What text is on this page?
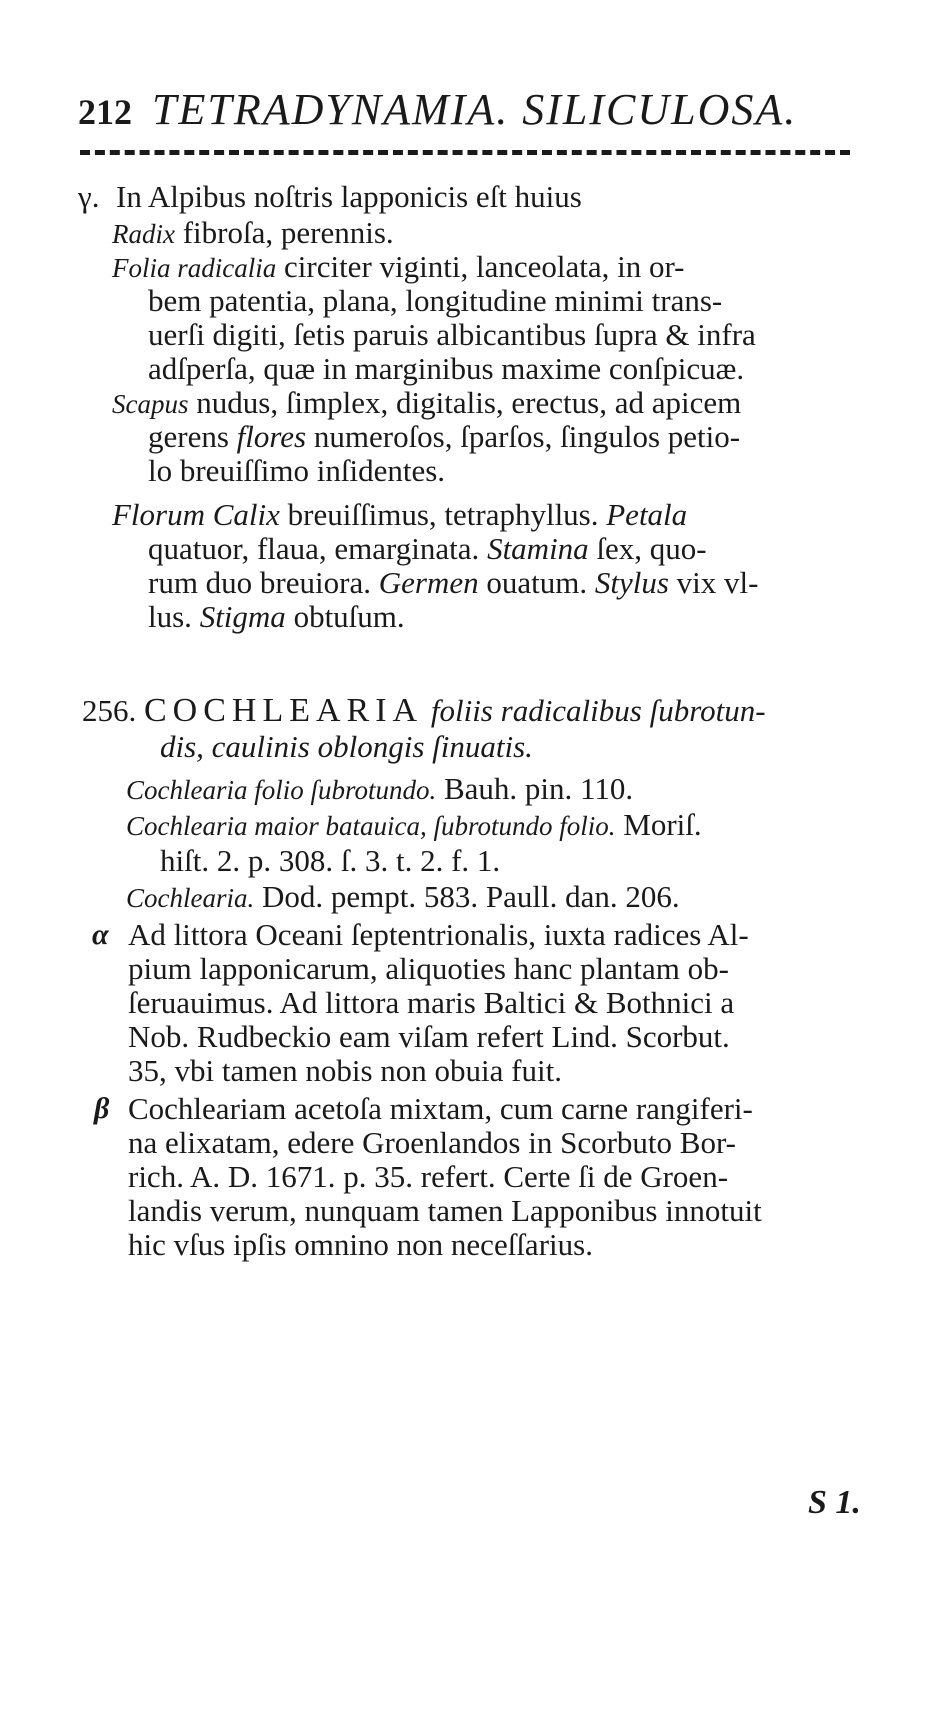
212 TETRADYNAMIA. SILICULOSA.
γ. In Alpibus noſtris lapponicis eſt huius
Radix fibroſa, perennis.
Folia radicalia circiter viginti, lanceolata, in or-
bem patentia, plana, longitudine minimi trans-
uerſi digiti, ſetis paruis albicantibus ſupra & infra
adſperſa, quæ in marginibus maxime conſpicuæ.
Scapus nudus, ſimplex, digitalis, erectus, ad apicem
gerens flores numeroſos, ſparſos, ſingulos petio-
lo breuiſſimo inſidentes.
Florum Calix breuiſſimus, tetraphyllus. Petala
quatuor, flaua, emarginata. Stamina ſex, quo-
rum duo breuiora. Germen ouatum. Stylus vix vl-
lus. Stigma obtuſum.
256. COCHLEARIA foliis radicalibus ſubrotun-
dis, caulinis oblongis ſinuatis.
Cochlearia folio ſubrotundo. Bauh. pin. 110.
Cochlearia maior batauica, ſubrotundo folio. Moriſ.
hiſt. 2. p. 308. ſ. 3. t. 2. f. 1.
Cochlearia. Dod. pempt. 583. Paull. dan. 206.
α Ad littora Oceani ſeptentrionalis, iuxta radices Al-
pium lapponicarum, aliquoties hanc plantam ob-
ſeruauimus. Ad littora maris Baltici & Bothnici a
Nob. Rudbeckio eam viſam refert Lind. Scorbut.
35, vbi tamen nobis non obuia fuit.
β Cochleariam acetoſa mixtam, cum carne rangiferi-
na elixatam, edere Groenlandos in Scorbuto Bor-
rich. A. D. 1671. p. 35. refert. Certe ſi de Groen-
landis verum, nunquam tamen Lapponibus innotuit
hic vſus ipſis omnino non neceſſarius.
S 1.
